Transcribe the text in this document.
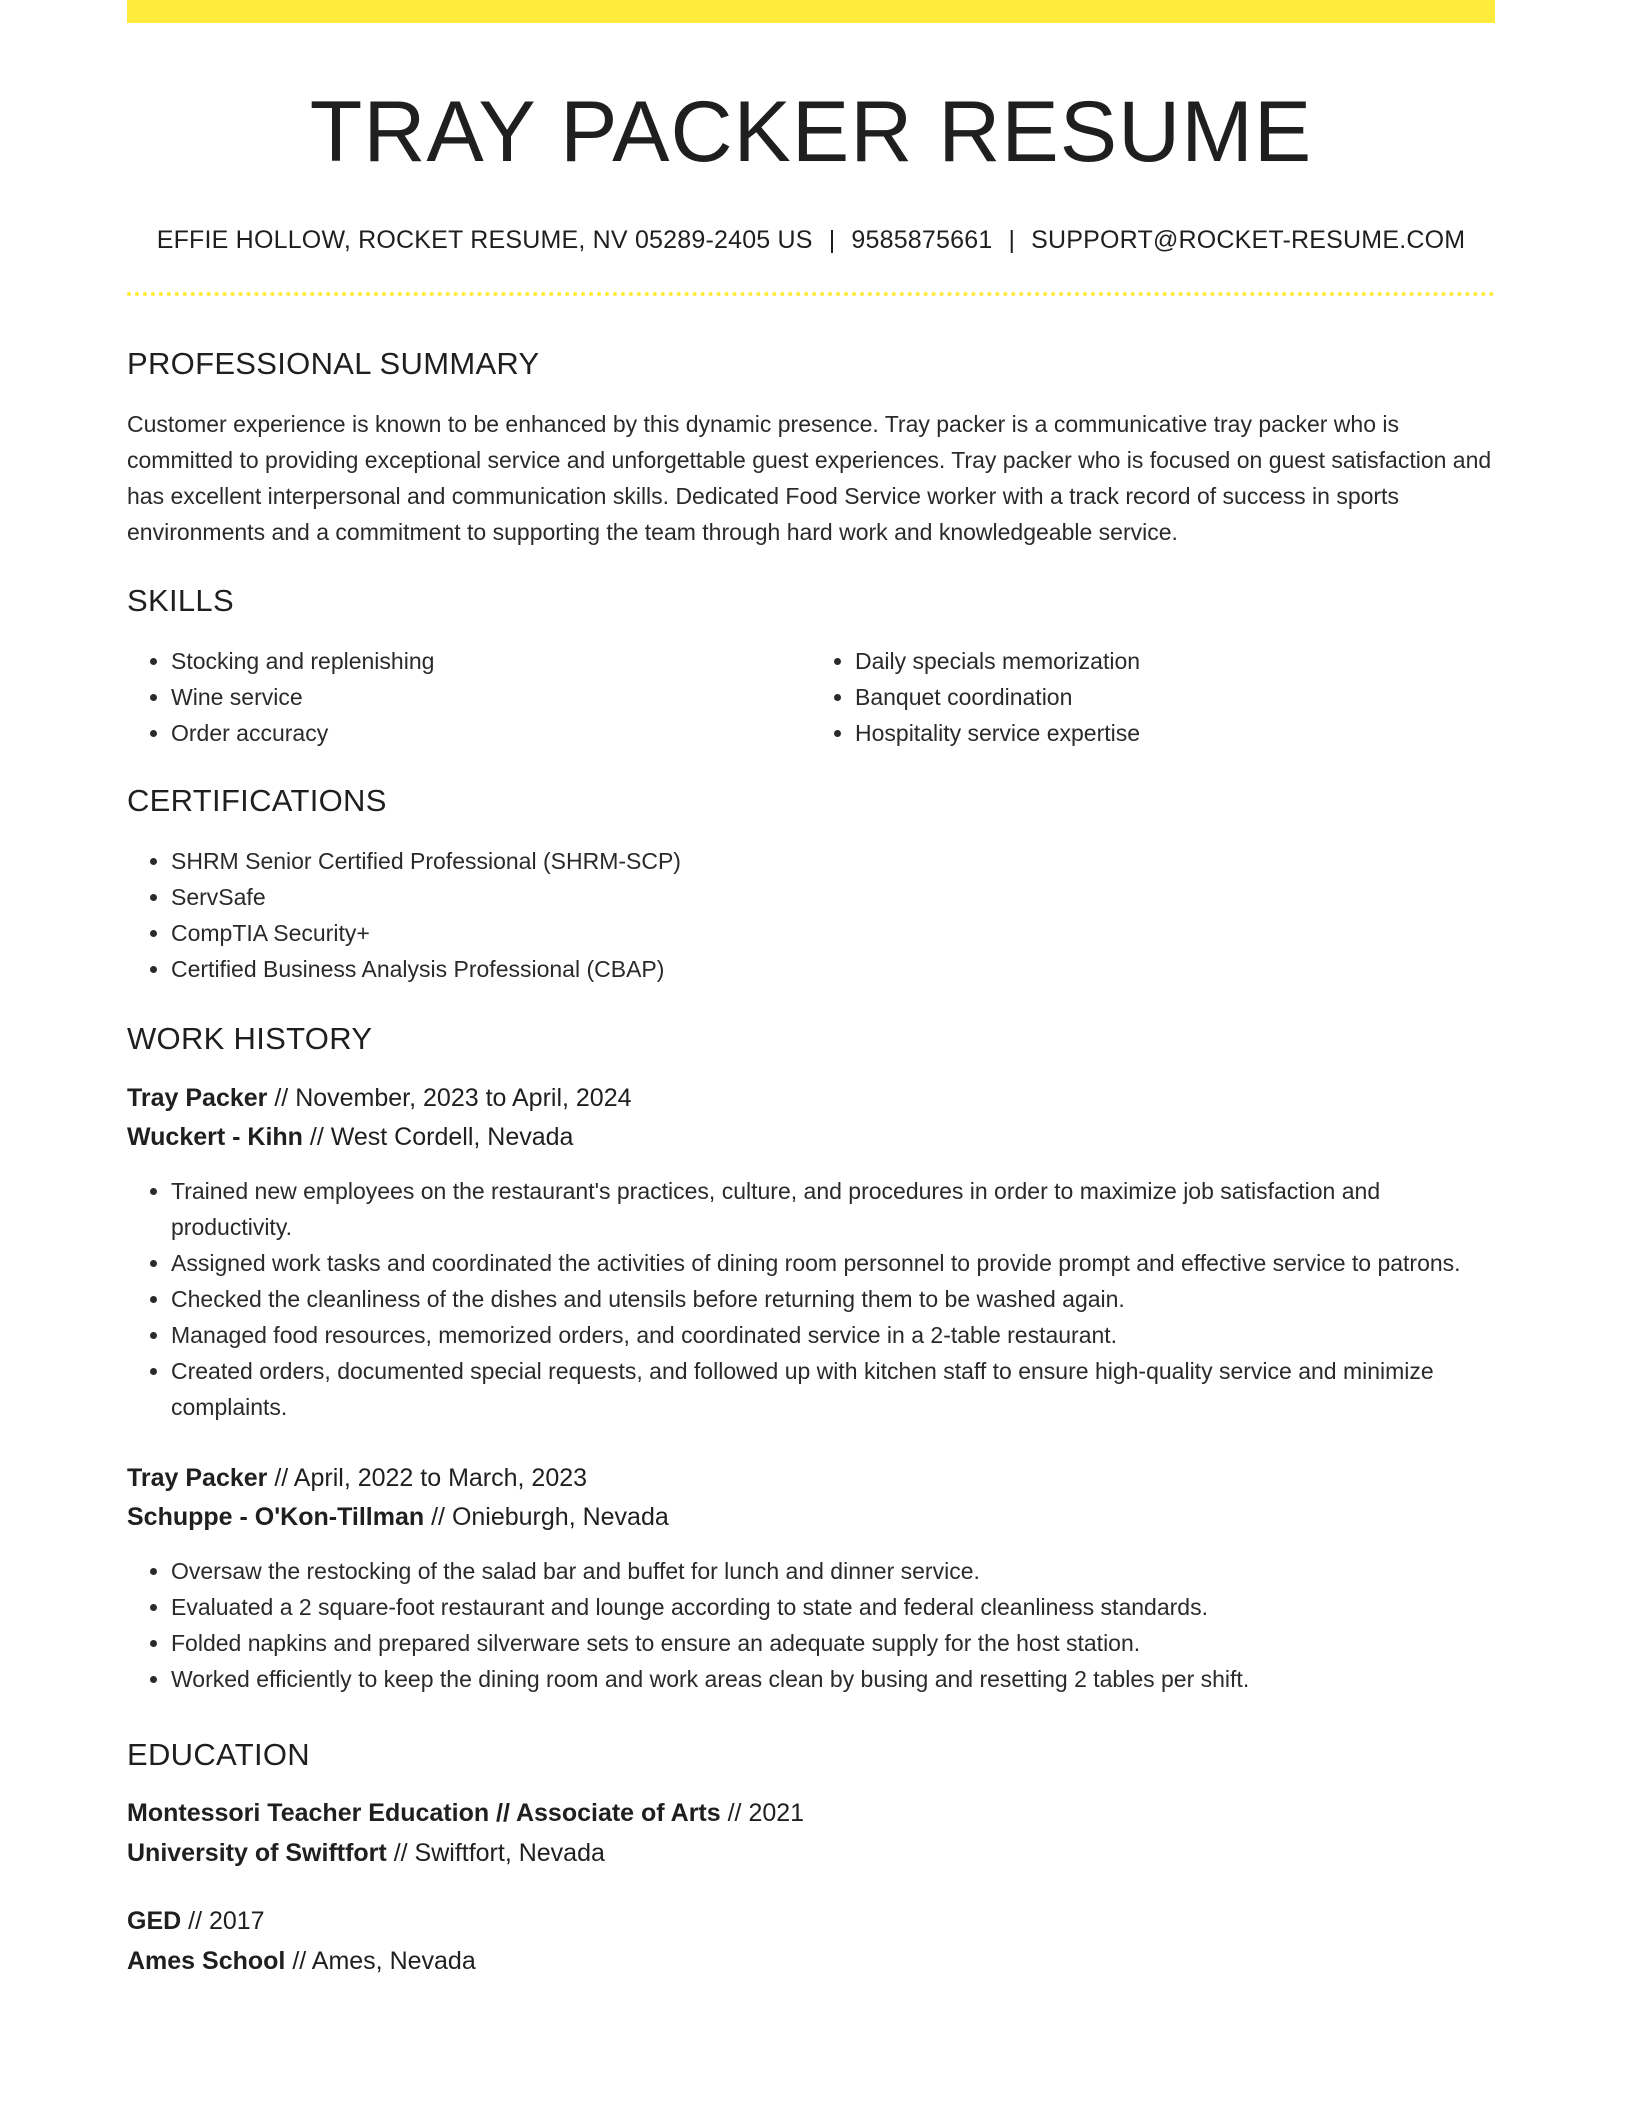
TRAY PACKER RESUME
EFFIE HOLLOW, ROCKET RESUME, NV 05289-2405 US | 9585875661 | SUPPORT@ROCKET-RESUME.COM
PROFESSIONAL SUMMARY

Customer experience is known to be enhanced by this dynamic presence. Tray packer is a communicative tray packer who is committed to providing exceptional service and unforgettable guest experiences. Tray packer who is focused on guest satisfaction and has excellent interpersonal and communication skills. Dedicated Food Service worker with a track record of success in sports environments and a commitment to supporting the team through hard work and knowledgeable service.

SKILLS
• Stocking and replenishing
• Wine service
• Order accuracy
• Daily specials memorization
• Banquet coordination
• Hospitality service expertise
CERTIFICATIONS
• SHRM Senior Certified Professional (SHRM-SCP)
• ServSafe
• CompTIA Security+
• Certified Business Analysis Professional (CBAP)
WORK HISTORY
Tray Packer // November, 2023 to April, 2024
Wuckert - Kihn // West Cordell, Nevada
• Trained new employees on the restaurant's practices, culture, and procedures in order to maximize job satisfaction and productivity.
• Assigned work tasks and coordinated the activities of dining room personnel to provide prompt and effective service to patrons.
• Checked the cleanliness of the dishes and utensils before returning them to be washed again.
• Managed food resources, memorized orders, and coordinated service in a 2-table restaurant.
• Created orders, documented special requests, and followed up with kitchen staff to ensure high-quality service and minimize complaints.
Tray Packer // April, 2022 to March, 2023
Schuppe - O'Kon-Tillman // Onieburgh, Nevada
• Oversaw the restocking of the salad bar and buffet for lunch and dinner service.
• Evaluated a 2 square-foot restaurant and lounge according to state and federal cleanliness standards.
• Folded napkins and prepared silverware sets to ensure an adequate supply for the host station.
• Worked efficiently to keep the dining room and work areas clean by busing and resetting 2 tables per shift.
EDUCATION
Montessori Teacher Education // Associate of Arts // 2021
University of Swiftfort // Swiftfort, Nevada
GED // 2017
Ames School // Ames, Nevada
